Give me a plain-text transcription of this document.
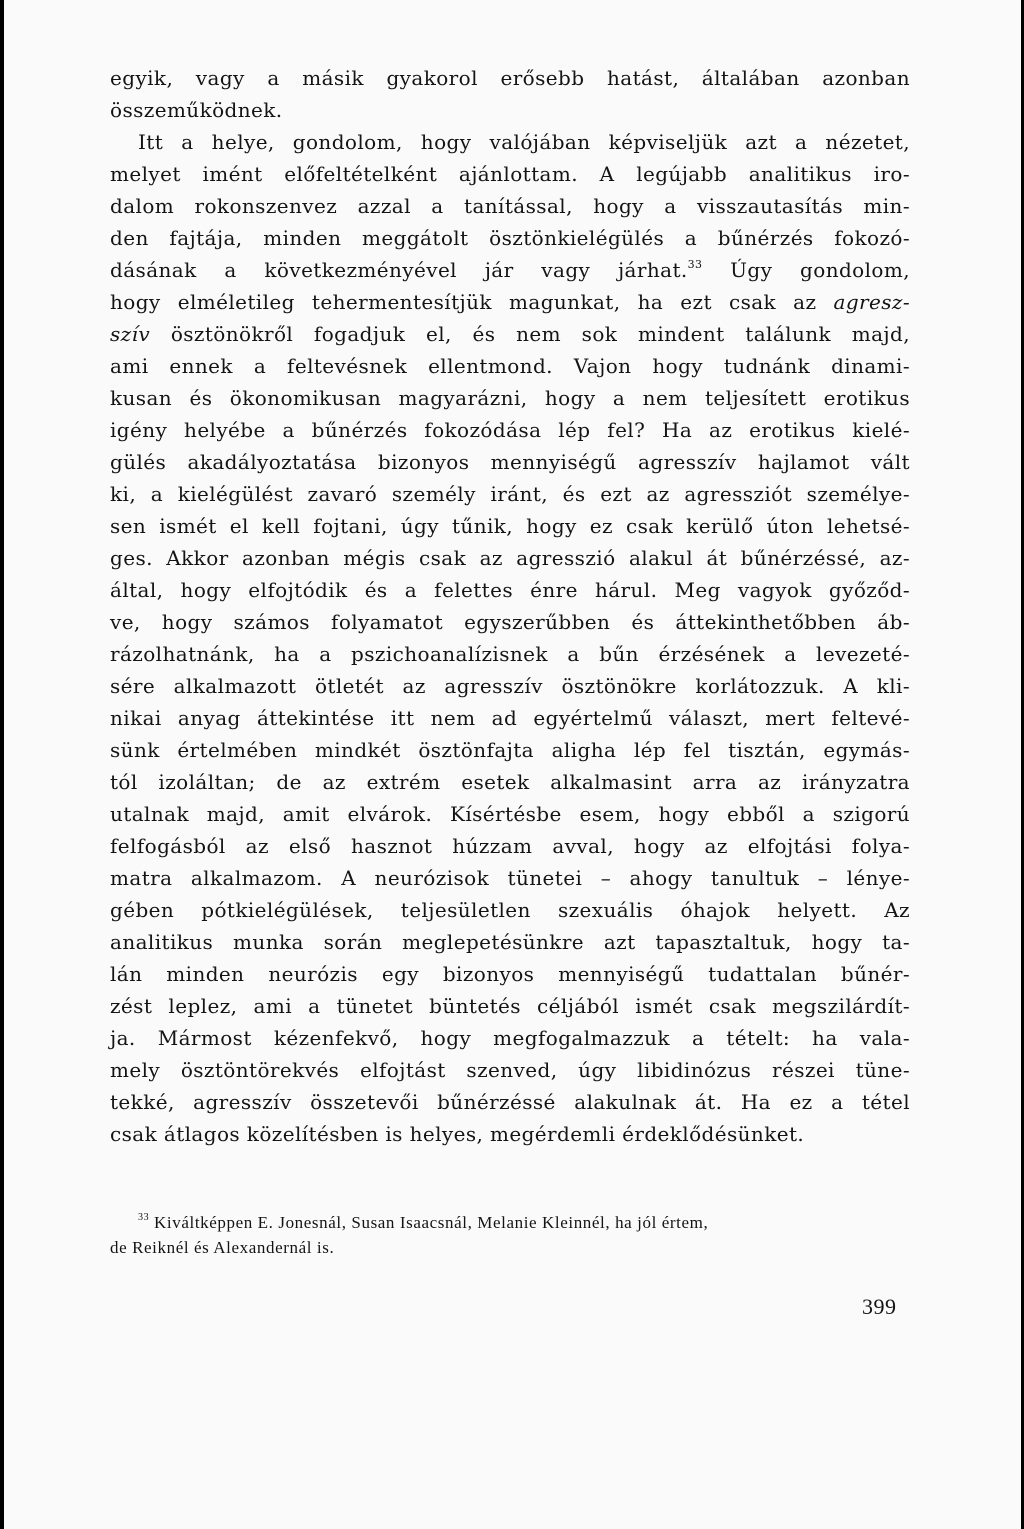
egyik, vagy a másik gyakorol erősebb hatást, általában azonban
összeműködnek.
Itt a helye, gondolom, hogy valójában képviseljük azt a nézetet,
melyet imént előfeltételként ajánlottam. A legújabb analitikus iro-
dalom rokonszenvez azzal a tanítással, hogy a visszautasítás min-
den fajtája, minden meggátolt ösztönkielégülés a bűnérzés fokozó-
dásának a következményével jár vagy járhat.$^{33}$ Úgy gondolom,
hogy elméletileg tehermentesítjük magunkat, ha ezt csak az agresz-
szív ösztönökről fogadjuk el, és nem sok mindent találunk majd,
ami ennek a feltevésnek ellentmond. Vajon hogy tudnánk dinami-
kusan és ökonomikusan magyarázni, hogy a nem teljesített erotikus
igény helyébe a bűnérzés fokozódása lép fel? Ha az erotikus kielé-
gülés akadályoztatása bizonyos mennyiségű agresszív hajlamot vált
ki, a kielégülést zavaró személy iránt, és ezt az agressziót személye-
sen ismét el kell fojtani, úgy tűnik, hogy ez csak kerülő úton lehetsé-
ges. Akkor azonban mégis csak az agresszió alakul át bűnérzéssé, az-
által, hogy elfojtódik és a felettes énre hárul. Meg vagyok győződ-
ve, hogy számos folyamatot egyszerűbben és áttekinthetőbben áb-
rázolhatnánk, ha a pszichoanalízisnek a bűn érzésének a levezeté-
sére alkalmazott ötletét az agresszív ösztönökre korlátozzuk. A kli-
nikai anyag áttekintése itt nem ad egyértelmű választ, mert feltevé-
sünk értelmében mindkét ösztönfajta aligha lép fel tisztán, egymás-
tól izoláltan; de az extrém esetek alkalmasint arra az irányzatra
utalnak majd, amit elvárok. Kísértésbe esem, hogy ebből a szigorú
felfogásból az első hasznot húzzam avval, hogy az elfojtási folya-
matra alkalmazom. A neurózisok tünetei – ahogy tanultuk – lénye-
gében pótkielégülések, teljesületlen szexuális óhajok helyett. Az
analitikus munka során meglepetésünkre azt tapasztaltuk, hogy ta-
lán minden neurózis egy bizonyos mennyiségű tudattalan bűnér-
zést leplez, ami a tünetet büntetés céljából ismét csak megszilárdít-
ja. Mármost kézenfekvő, hogy megfogalmazzuk a tételt: ha vala-
mely ösztöntörekvés elfojtást szenved, úgy libidinózus részei tüne-
tekké, agresszív összetevői bűnérzéssé alakulnak át. Ha ez a tétel
csak átlagos közelítésben is helyes, megérdemli érdeklődésünket.
$^{33}$ Kiváltképpen E. Jonesnál, Susan Isaacsnál, Melanie Kleinnél, ha jól értem,
de Reiknél és Alexandernál is.
399
